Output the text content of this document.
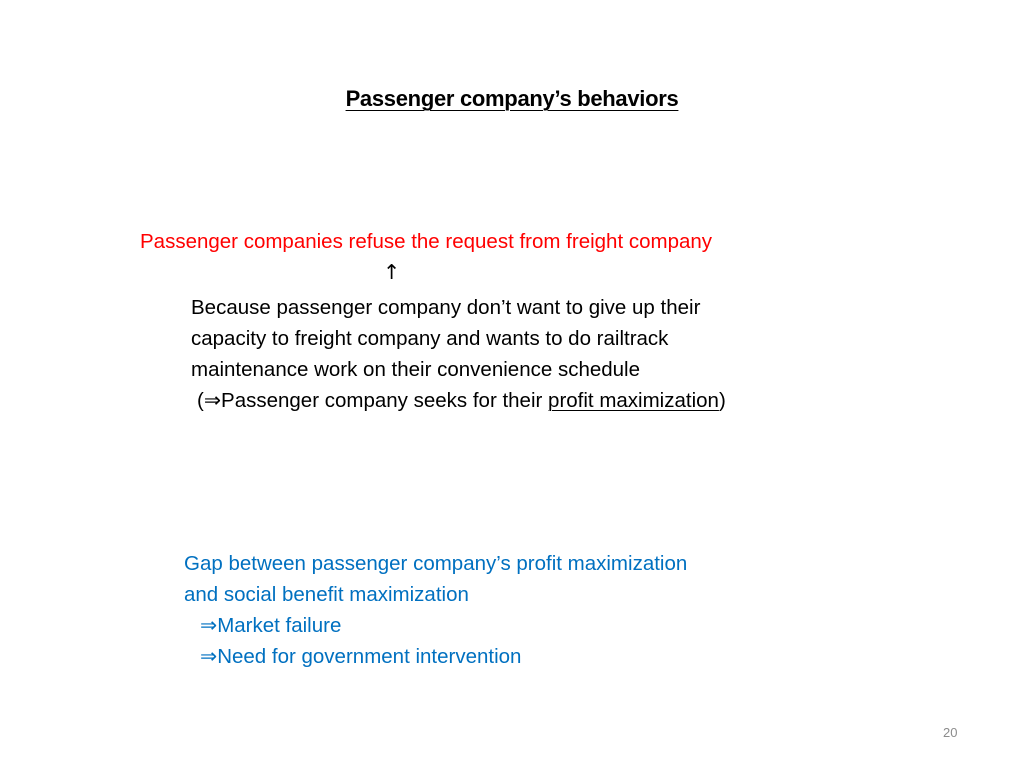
Passenger company’s behaviors
Passenger companies refuse the request from freight company
↑
Because passenger company don’t want to give up their
capacity to freight company and wants to do railtrack
maintenance work on their convenience schedule
(⇒Passenger company seeks for their profit maximization)
Gap between passenger company’s profit maximization
and social benefit maximization
⇒Market failure
⇒Need for government intervention
20
